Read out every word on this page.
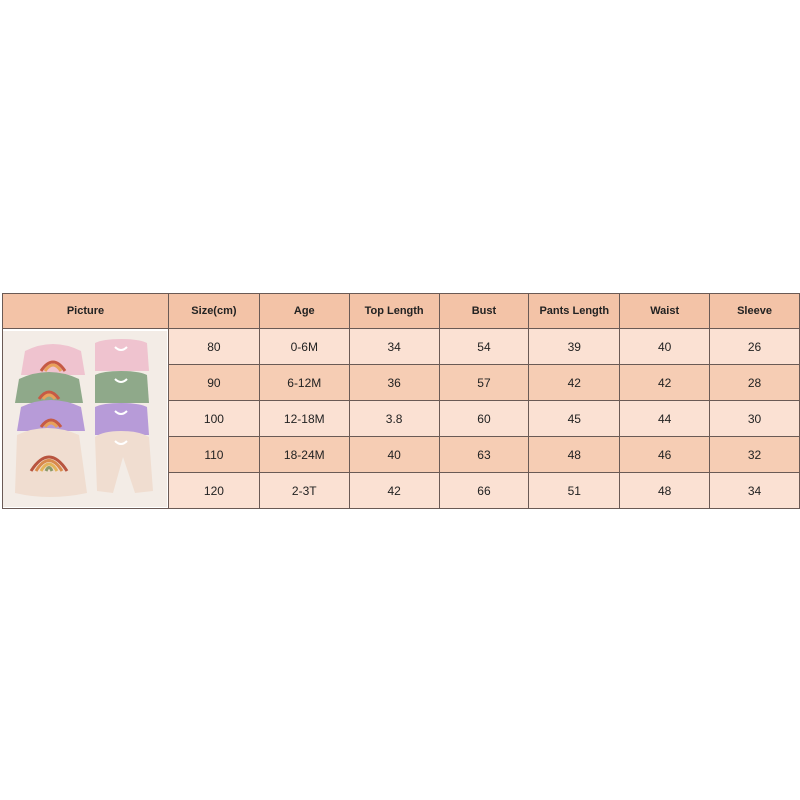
Picture	Size(cm)	Age	Top Length	Bust	Pants Length	Waist	Sleeve

	80	0-6M	34	54	39	40	26
	90	6-12M	36	57	42	42	28
	100	12-18M	3.8	60	45	44	30
	110	18-24M	40	63	48	46	32
	120	2-3T	42	66	51	48	34
